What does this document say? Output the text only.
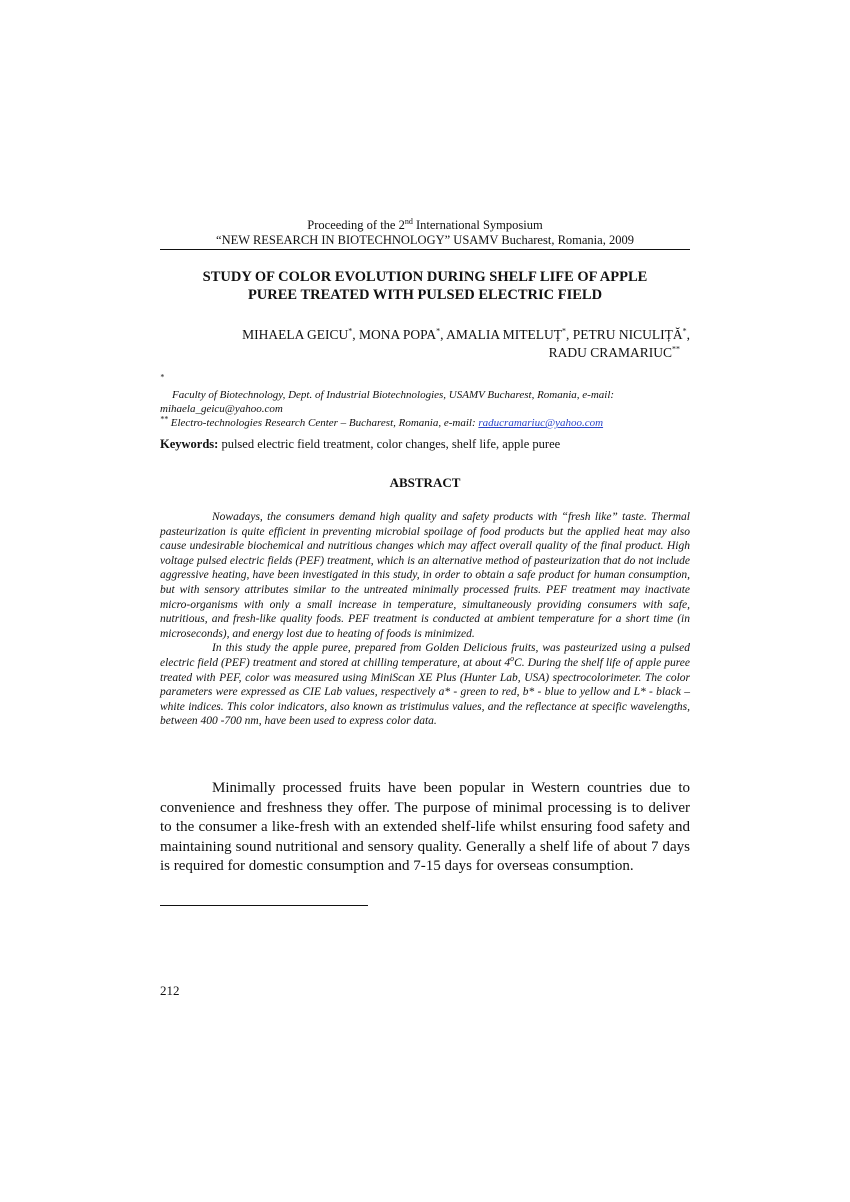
Proceeding of the 2nd International Symposium
“NEW RESEARCH IN BIOTECHNOLOGY” USAMV Bucharest, Romania, 2009
STUDY OF COLOR EVOLUTION DURING SHELF LIFE OF APPLE
PUREE TREATED WITH PULSED ELECTRIC FIELD
MIHAELA GEICU*, MONA POPA*, AMALIA MITELUȚ*, PETRU NICULIȚĂ*,
RADU CRAMARIUC**
*
Faculty of Biotechnology, Dept. of Industrial Biotechnologies, USAMV Bucharest, Romania, e-mail:
mihaela_geicu@yahoo.com
** Electro-technologies Research Center – Bucharest, Romania, e-mail: raducramariuc@yahoo.com
Keywords: pulsed electric field treatment, color changes, shelf life, apple puree
ABSTRACT

Nowadays, the consumers demand high quality and safety products with “fresh like” taste. Thermal pasteurization is quite efficient in preventing microbial spoilage of food products but the applied heat may also cause undesirable biochemical and nutritious changes which may affect overall quality of the final product. High voltage pulsed electric fields (PEF) treatment, which is an alternative method of pasteurization that do not include aggressive heating, have been investigated in this study, in order to obtain a safe product for human consumption, but with sensory attributes similar to the untreated minimally processed fruits. PEF treatment may inactivate micro-organisms with only a small increase in temperature, simultaneously providing consumers with safe, nutritious, and fresh-like quality foods. PEF treatment is conducted at ambient temperature for a short time (in microseconds), and energy lost due to heating of foods is minimized.

In this study the apple puree, prepared from Golden Delicious fruits, was pasteurized using a pulsed electric field (PEF) treatment and stored at chilling temperature, at about 4$^o$C. During the shelf life of apple puree treated with PEF, color was measured using MiniScan XE Plus (Hunter Lab, USA) spectrocolorimeter. The color parameters were expressed as CIE Lab values, respectively a* - green to red, b* - blue to yellow and L* - black – white indices. This color indicators, also known as tristimulus values, and the reflectance at specific wavelengths, between 400 -700 nm, have been used to express color data.

Minimally processed fruits have been popular in Western countries due to convenience and freshness they offer. The purpose of minimal processing is to deliver to the consumer a like-fresh with an extended shelf-life whilst ensuring food safety and maintaining sound nutritional and sensory quality. Generally a shelf life of about 7 days is required for domestic consumption and 7-15 days for overseas consumption.

212
